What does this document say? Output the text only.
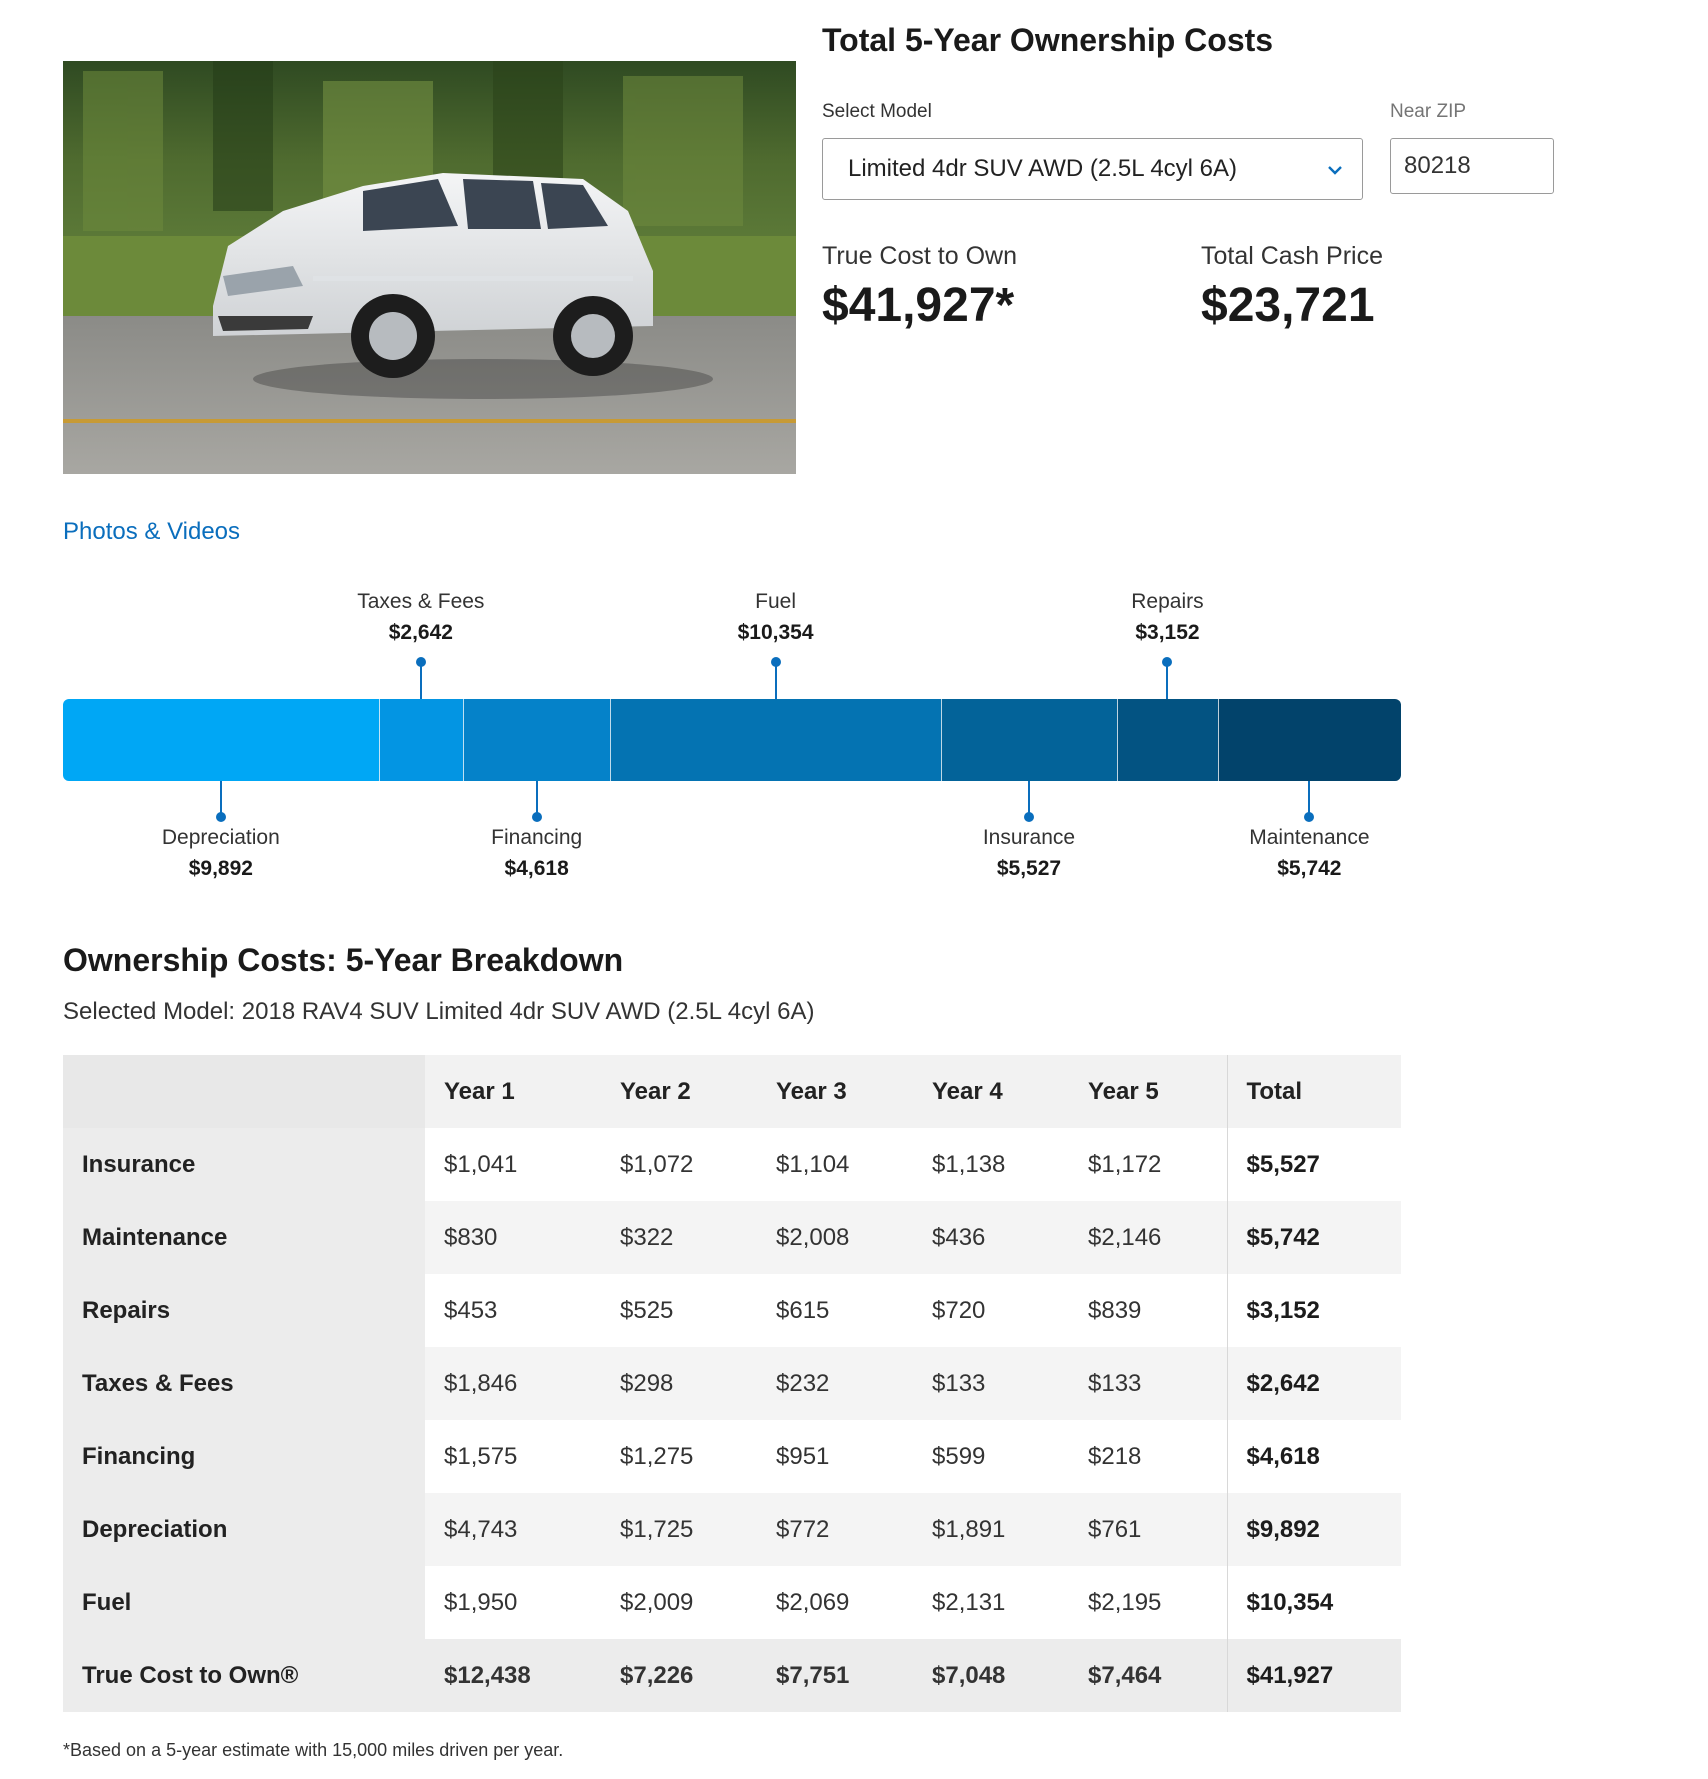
Photos & Videos
Total 5-Year Ownership Costs
Select Model	Near ZIP
Limited 4dr SUV AWD (2.5L 4cyl 6A)
80218
True Cost to Own
$41,927*
Total Cash Price
$23,721
Depreciation
$9,892
Taxes & Fees
$2,642
Financing
$4,618
Fuel
$10,354
Insurance
$5,527
Repairs
$3,152
Maintenance
$5,742
Ownership Costs: 5-Year Breakdown
Selected Model: 2018 RAV4 SUV Limited 4dr SUV AWD (2.5L 4cyl 6A)
	Year 1	Year 2	Year 3	Year 4	Year 5	Total
Insurance	$1,041	$1,072	$1,104	$1,138	$1,172	$5,527
Maintenance	$830	$322	$2,008	$436	$2,146	$5,742
Repairs	$453	$525	$615	$720	$839	$3,152
Taxes & Fees	$1,846	$298	$232	$133	$133	$2,642
Financing	$1,575	$1,275	$951	$599	$218	$4,618
Depreciation	$4,743	$1,725	$772	$1,891	$761	$9,892
Fuel	$1,950	$2,009	$2,069	$2,131	$2,195	$10,354
True Cost to Own®	$12,438	$7,226	$7,751	$7,048	$7,464	$41,927
*Based on a 5-year estimate with 15,000 miles driven per year.
